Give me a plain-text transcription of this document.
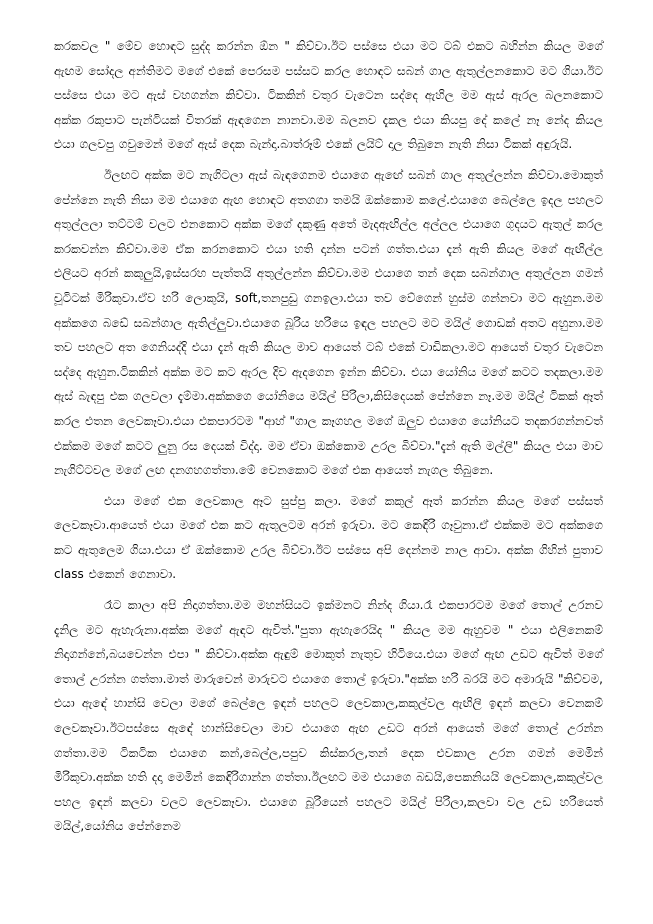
කරකවල " මේව හොඳට සුද්ද කරන්න ඕන " කිව්වා.ඊට පස්සෙ එයා මට ටබ් එකට බහින්න කියල මගේ ඇඟම සෝදල අන්තිමට මගේ එකේ පෙරසම පස්සට කරල හොඳට සබන් ගාල ඇතුල්ලනකොට මට ගියා.ඊට පස්සෙ එයා මට ඇස් වහගන්න කිව්වා. ටිකකින් වතුර වැටෙන සද්දෙ ඇහිල මම ඇස් ඇරල බලනකොට අක්ක රකුපාට පැන්ටියක් විතරක් ඇඳගෙන නානවා.මම බලනව දැකල එයා කියපු දේ කලේ නෑ නේද කියල එයා ගලවපු ගවුමෙන් මගේ ඇස් දෙක බැන්දා.බාත්රූම් එකේ ලයිට් දාල තිබුනෙ නැති නිසා ටිකක් අඳුරුයි.

ඊලඟට අක්ක මට නැගිටලා ඇස් බැඳගෙනම එයාගෙ ඇඟේ සබන් ගාල අතුල්ලන්න කිව්වා.මොකුත් පේන්නෙ නැති නිසා මම එයාගෙ ඇඟ හොඳට අතගගා තමයි ඔක්කොම කලේ.එයාගෙ බෙල්ලෙ ඉදල පහලට අතුල්ලලා තට්ටම් වලට එනකොට අක්ක මගේ දකුණු අතේ මැදඇඟිල්ල අල්ලල එයාගෙ ගුදයට ඇතුල් කරල කරකවන්න කිව්වා.මම ඒක කරනකොට එයා හති දාන්න පටන් ගත්ත.එයා දැන් ඇති කියල මගේ ඇඟිල්ල එලියට අරන් කකුලුයි,ඉස්සරහ පැත්තයි අතුල්ලන්න කිව්වා.මම එයාගෙ තන් දෙක සබන්ගාල අතුල්ලන ගමන් චූටිටක් මිරිකුවා.ඒව හරි ලොකුයි, soft,තනපුඩු ගනඉලා.එයා තව වේගෙන් හුස්ම ගන්නවා මට ඇහුන.මම අක්කගෙ බඩේ සබන්ගාල ඇතිල්ලුවා.එයාගෙ බූරිය හරියෙ ඉඳල පහලට මට මයිල් ගොඩක් අතට අහුනා.මම තව පහලට අත ගෙනියද්දි එයා දැන් ඇති කියල මාව ආයෙත් ටබ් එකේ වාඩිකලා.මට ආයෙත් වතුර වැටෙන සද්දෙ ඇහුන.ටිකකින් අක්ක මට කට ඇරල දිව ඇදගෙන ඉන්න කිව්වා. එයා යෝනිය මගේ කටට තදකලා.මම ඇස් බැඳපු එක ගලවලා දැම්මා.අක්කගෙ යෝනියෙ මයිල් පිරිලා,කිසිදෙයක් පේන්නෙ නෑ.මම මයිල් ටිකක් ඈත් කරල එතන ලෙවකෑවා.එයා එකපාරටම "ආහ් "ගාල කෑගහල මගේ ඔලුව එයාගෙ යෝනියට තදකරගන්නවත් එක්කම මගේ කටට ලුනු රස දෙයක් විද්දා. මම ඒවා ඔක්කොම උරල බිව්වා."දැන් ඇති මල්ලි" කියල එයා මාව නැගිට්ටවල මගේ ලඟ දනගහගත්තා.මේ වෙනකොට මගේ එක ආයෙත් නැගල තිබුනෙ.

එයා මගේ එක ලෙවකාල ඈට සුප්පු කලා. මගේ කකුල් ඈත් කරන්න කියල මගේ පස්සත් ලෙවකෑවා.ආයෙත් එයා මගේ එක කට ඇතුලටම අරන් ඉරුවා. මට කෙඳිරි ගෑවුනා.ඒ එක්කම මට අක්කගෙ කට ඇතුලෙම ගියා.එයා ඒ ඔක්කොම උරල බිව්වා.ඊට පස්සෙ අපි දෙන්නම නාල ආවා. අක්ක ගිහින් පුතාව class එකෙන් ගෙනාවා.

රෑට කාලා අපි නිදාගත්තා.මම මහන්සියට ඉක්මනට නින්ද ගියා.රෑ එකපාරටම මගේ තොල් උරනව දැනිල මට ඇහැරුනා.අක්ක මගේ ඇඳට ඇවිත්."පුතා ඇහැරෙයිද " කියල මම ඇහුවම " එයා ඵලිනෙකම් නිදාගන්නේ,බයවෙන්න එපා " කිව්වා.අක්ක ඇඳුම් මොකුත් නැතුව හිටියෙ.එයා මගේ ඇඟ උඩට ඇවිත් මගේ තොල් උරන්න ගත්තා.මාත් මාරුවෙන් මාරුවට එයාගෙ තොල් ඉරුවා."අක්ක හරි බරයි මට අමාරුයි "කිව්වම, එයා ඇඳේ හාන්සි වෙලා මගේ බෙල්ලෙ ඉඳන් පහලට ලෙවකාල,කකුල්වල ඇඟිලි ඉඳන් කලවා වෙනකම් ලෙවකෑවා.ඊටපස්සෙ ඇඳේ හාන්සිවෙලා මාව එයාගෙ ඇඟ උඩට අරන් ආයෙත් මගේ තොල් උරන්න ගත්තා.මම ටිකටික එයාගෙ කන්,බෙල්ල,පපුව කිස්කරල,තන් දෙක ළුවකාල උරන ගමන් මෙමින් මිරිකුවා.අක්ක හති දදා මෙමින් කෙඳිරිගාන්න ගත්තා.ඊලඟට මම එයාගෙ බඩයි,පෙකනියයි ලෙවකාල,කකුල්වල පහල ඉඳන් කලවා වලට ලෙවකෑවා. එයාගෙ බූරියෙන් පහලට මයිල් පිරිලා,කලවා වල උඩ හරියෙත් මයිල්,යෝනිය පේන්නෙම
